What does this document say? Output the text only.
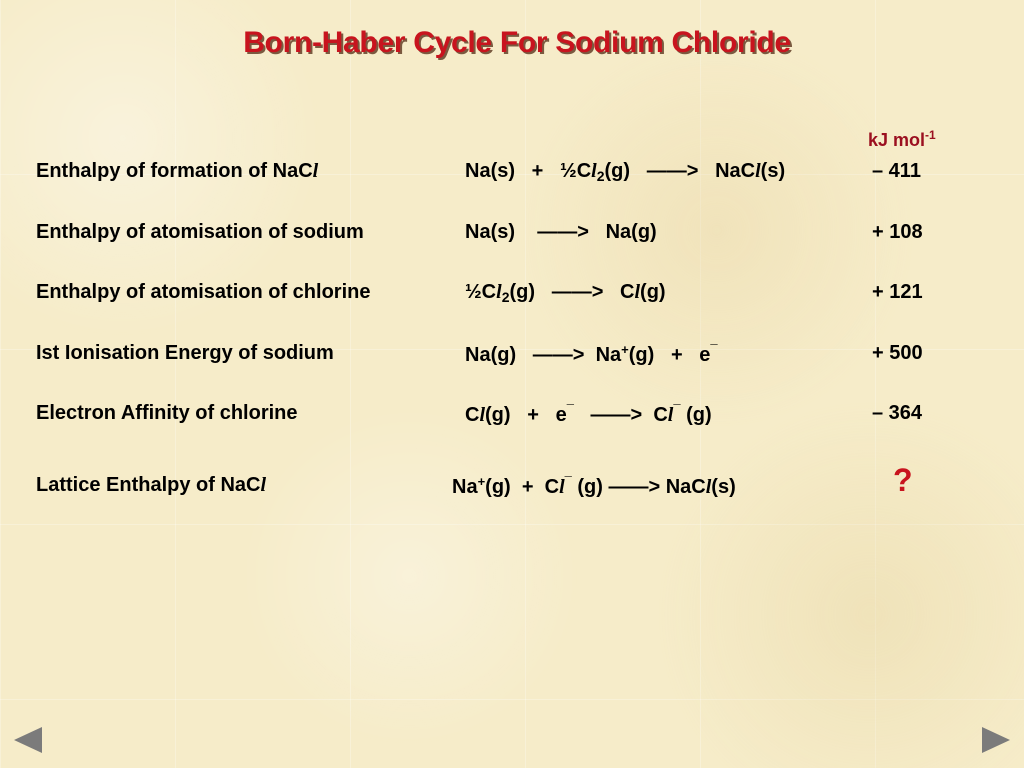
Born-Haber Cycle For Sodium Chloride
kJ mol$^{-1}$
Enthalpy of formation of NaCl	$Na(s) + \frac{1}{2}Cl_2(g)$   ——>   NaCl(s)	– 411
Enthalpy of atomisation of sodium	Na(s)    ——>   Na(g)	+ 108
Enthalpy of atomisation of chlorine	$\frac{1}{2}Cl_2(g)$   ——>   Cl(g)	+ 121
Ist Ionisation Energy of sodium	Na(g)   ——>  Na+(g)   +   e¯	+ 500
Electron Affinity of chlorine	Cl(g)   +   e¯   ——>  Cl¯ (g)	– 364
Lattice Enthalpy of NaCl	Na+(g)  +  Cl¯ (g) ——> NaCl(s)	?
